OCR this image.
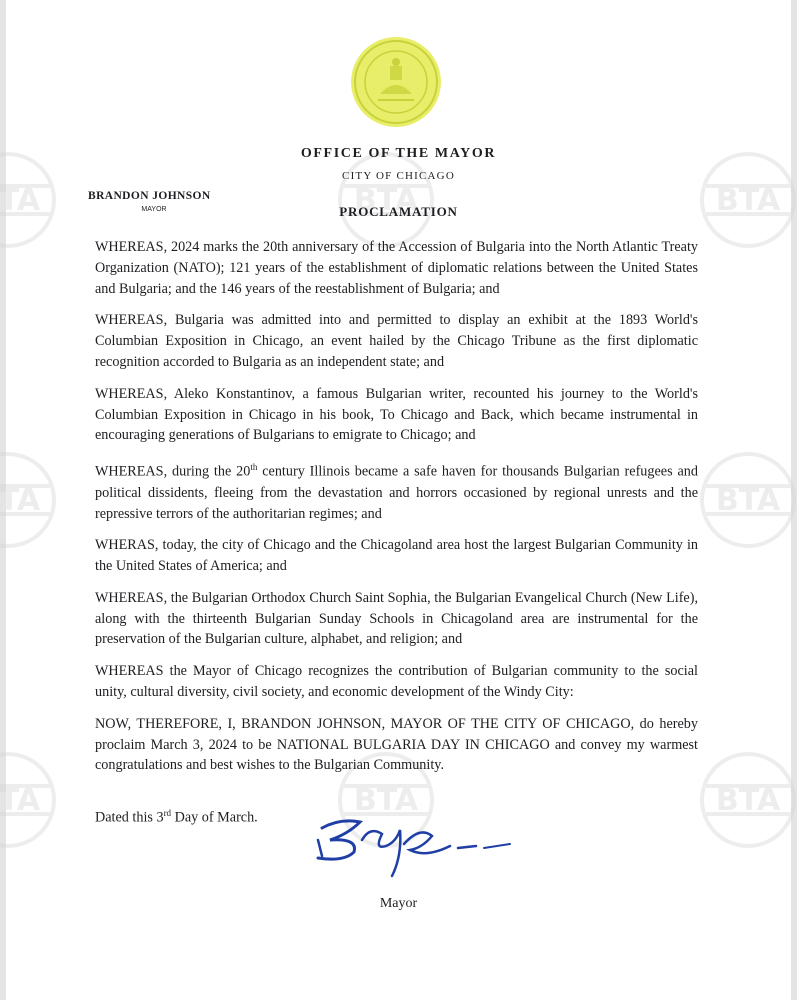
OFFICE OF THE MAYOR
CITY OF CHICAGO
BRANDON JOHNSON
MAYOR	PROCLAMATION

WHEREAS, 2024 marks the 20th anniversary of the Accession of Bulgaria into the North Atlantic Treaty Organization (NATO); 121 years of the establishment of diplomatic relations between the United States and Bulgaria; and the 146 years of the reestablishment of Bulgaria; and

WHEREAS, Bulgaria was admitted into and permitted to display an exhibit at the 1893 World's Columbian Exposition in Chicago, an event hailed by the Chicago Tribune as the first diplomatic recognition accorded to Bulgaria as an independent state; and

WHEREAS, Aleko Konstantinov, a famous Bulgarian writer, recounted his journey to the World's Columbian Exposition in Chicago in his book, To Chicago and Back, which became instrumental in encouraging generations of Bulgarians to emigrate to Chicago; and

WHEREAS, during the 20th century Illinois became a safe haven for thousands Bulgarian refugees and political dissidents, fleeing from the devastation and horrors occasioned by regional unrests and the repressive terrors of the authoritarian regimes; and

WHERAS, today, the city of Chicago and the Chicagoland area host the largest Bulgarian Community in the United States of America; and

WHEREAS, the Bulgarian Orthodox Church Saint Sophia, the Bulgarian Evangelical Church (New Life), along with the thirteenth Bulgarian Sunday Schools in Chicagoland area are instrumental for the preservation of the Bulgarian culture, alphabet, and religion; and

WHEREAS the Mayor of Chicago recognizes the contribution of Bulgarian community to the social unity, cultural diversity, civil society, and economic development of the Windy City:

NOW, THEREFORE, I, BRANDON JOHNSON, MAYOR OF THE CITY OF CHICAGO, do hereby proclaim March 3, 2024 to be NATIONAL BULGARIA DAY IN CHICAGO and convey my warmest congratulations and best wishes to the Bulgarian Community.

Dated this 3rd Day of March.
Mayor
